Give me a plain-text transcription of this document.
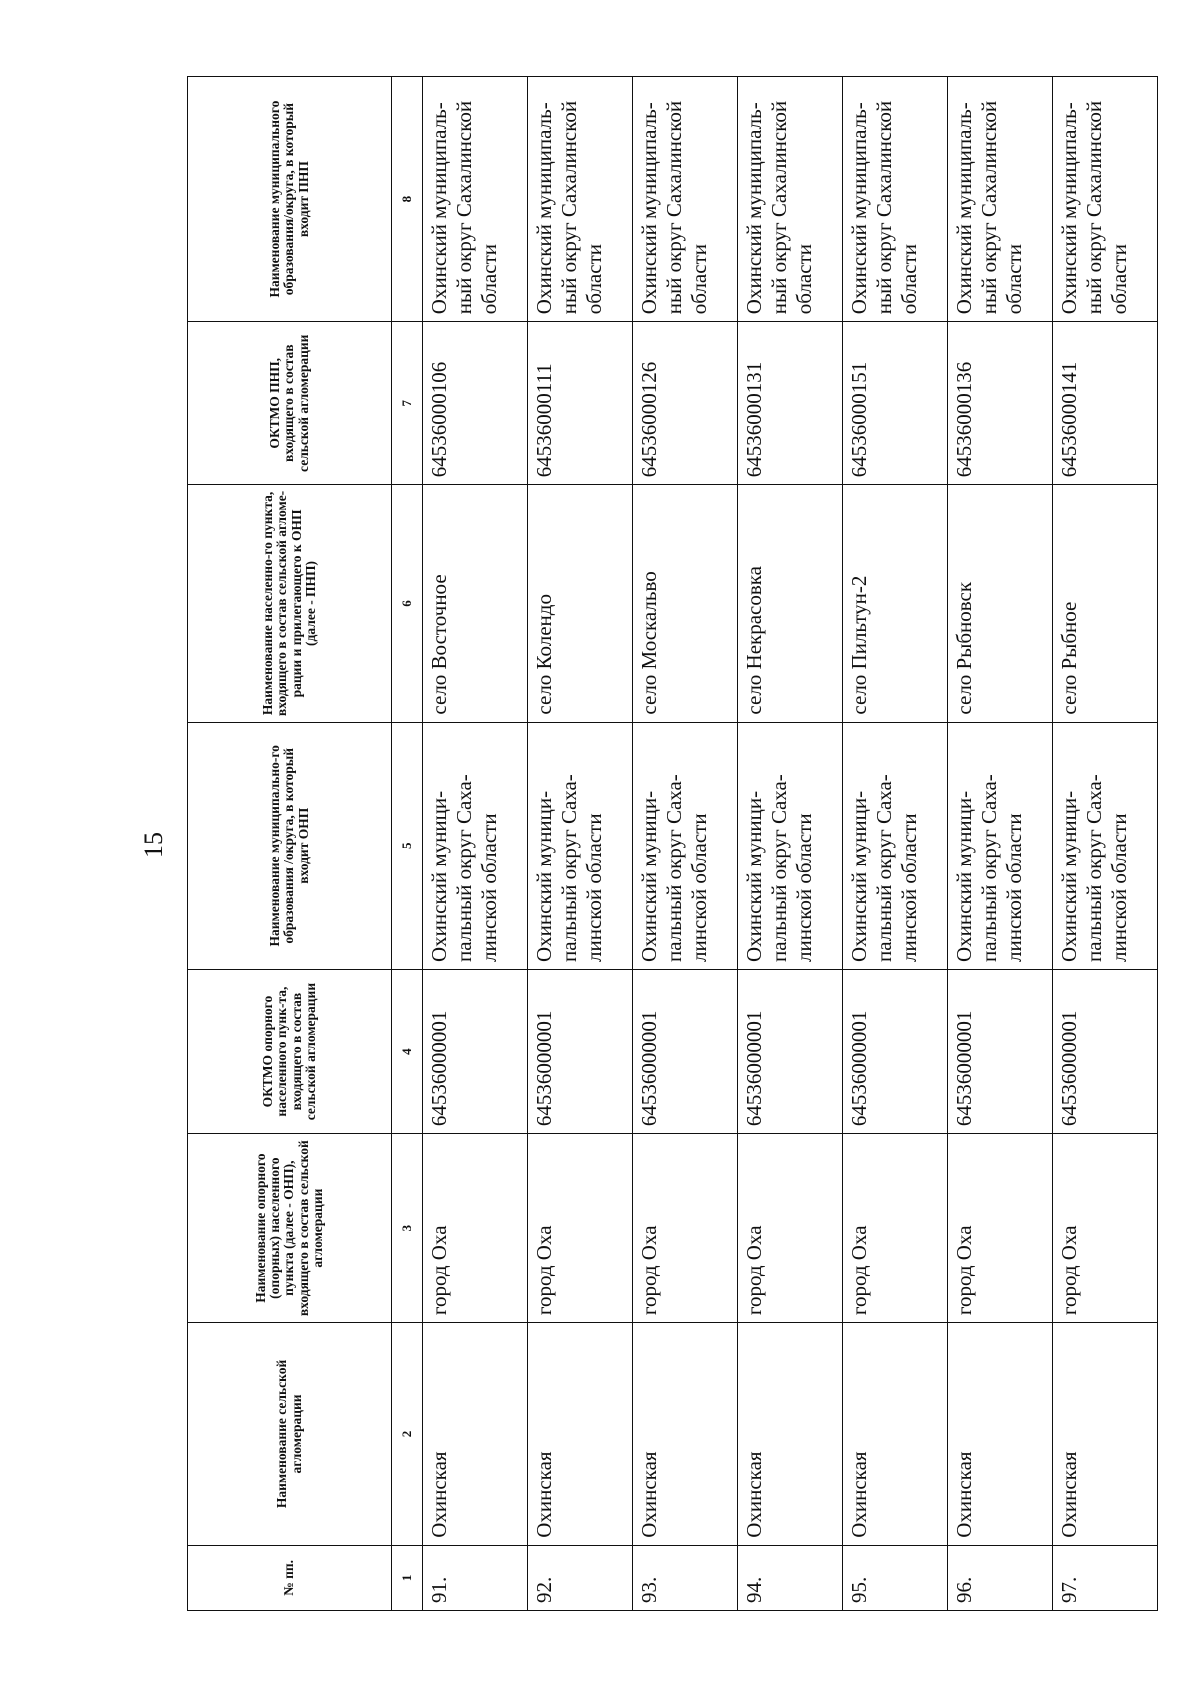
15
№ пп.	Наименование сельской агломерации	Наименование опорного (опорных) населенного пункта (далее - ОНП), входящего в состав сельской агломерации	ОКТМО опорного населенного пунк-та, входящего в состав сельской агломерации	Наименование муниципально-го образования /округа, в который входит ОНП	Наименование населенно-го пункта, входящего в состав сельской агломе-рации и прилегающего к ОНП (далее - ПНП)	ОКТМО ПНП, входящего в состав сельской агломерации	Наименование муниципального образования/округа, в который входит ПНП
1	2	3	4	5	6	7	8
91.	Охинская	город Оха	64536000001	Охинский муници-пальный округ Саха-линской области	село Восточное	64536000106	Охинский муниципаль-ный округ Сахалинской области
92.	Охинская	город Оха	64536000001	Охинский муници-пальный округ Саха-линской области	село Колендо	64536000111	Охинский муниципаль-ный округ Сахалинской области
93.	Охинская	город Оха	64536000001	Охинский муници-пальный округ Саха-линской области	село Москальво	64536000126	Охинский муниципаль-ный округ Сахалинской области
94.	Охинская	город Оха	64536000001	Охинский муници-пальный округ Саха-линской области	село Некрасовка	64536000131	Охинский муниципаль-ный округ Сахалинской области
95.	Охинская	город Оха	64536000001	Охинский муници-пальный округ Саха-линской области	село Пильтун-2	64536000151	Охинский муниципаль-ный округ Сахалинской области
96.	Охинская	город Оха	64536000001	Охинский муници-пальный округ Саха-линской области	село Рыбновск	64536000136	Охинский муниципаль-ный округ Сахалинской области
97.	Охинская	город Оха	64536000001	Охинский муници-пальный округ Саха-линской области	село Рыбное	64536000141	Охинский муниципаль-ный округ Сахалинской области
